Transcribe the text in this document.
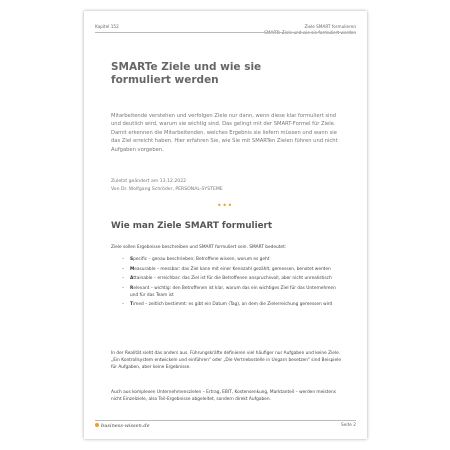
Kapitel 152	Ziele SMART formulieren
SMARTe Ziele und wie sie formuliert werden
SMARTe Ziele und wie sie formuliert werden
Mitarbeitende verstehen und verfolgen Ziele nur dann, wenn diese klar formuliert sind und deutlich wird, warum sie wichtig sind. Das gelingt mit der SMART-Formel für Ziele. Damit erkennen die Mitarbeitenden, welches Ergebnis sie liefern müssen und wann sie das Ziel erreicht haben. Hier erfahren Sie, wie Sie mit SMARTen Zielen führen und nicht Aufgaben vorgeben.
Zuletzt geändert am 13.12.2022
Von Dr. Wolfgang Schröder, PERSONAL-SYSTEME
•••
Wie man Ziele SMART formuliert
Ziele sollen Ergebnisse beschreiben und SMART formuliert sein. SMART bedeutet:
– Specific – genau beschrieben: Betroffene wissen, worum es geht
– Measurable – messbar: das Ziel kann mit einer Kennzahl gezählt, gemessen, benotet werden
– Attainable – erreichbar: das Ziel ist für die Betroffenen anspruchsvoll, aber nicht unrealistisch
– Relevant – wichtig: den Betroffenen ist klar, warum das ein wichtiges Ziel für das Unternehmen und für das Team ist
– Timed – zeitlich bestimmt: es gibt ein Datum (Tag), an dem die Zielerreichung gemessen wird
In der Realität sieht das anders aus. Führungskräfte definieren viel häufiger nur Aufgaben und keine Ziele. „Ein Kontrollsystem entwickeln und einführen“ oder „Die Vertriebsstelle in Ungarn besetzen“ sind Beispiele für Aufgaben, aber keine Ergebnisse.
Auch aus komplexen Unternehmenszielen – Ertrag, EBIT, Kostensenkung, Marktanteil – werden meistens nicht Einzelziele, also Teil-Ergebnisse abgeleitet, sondern direkt Aufgaben.
business-wissen.de	Seite 2
